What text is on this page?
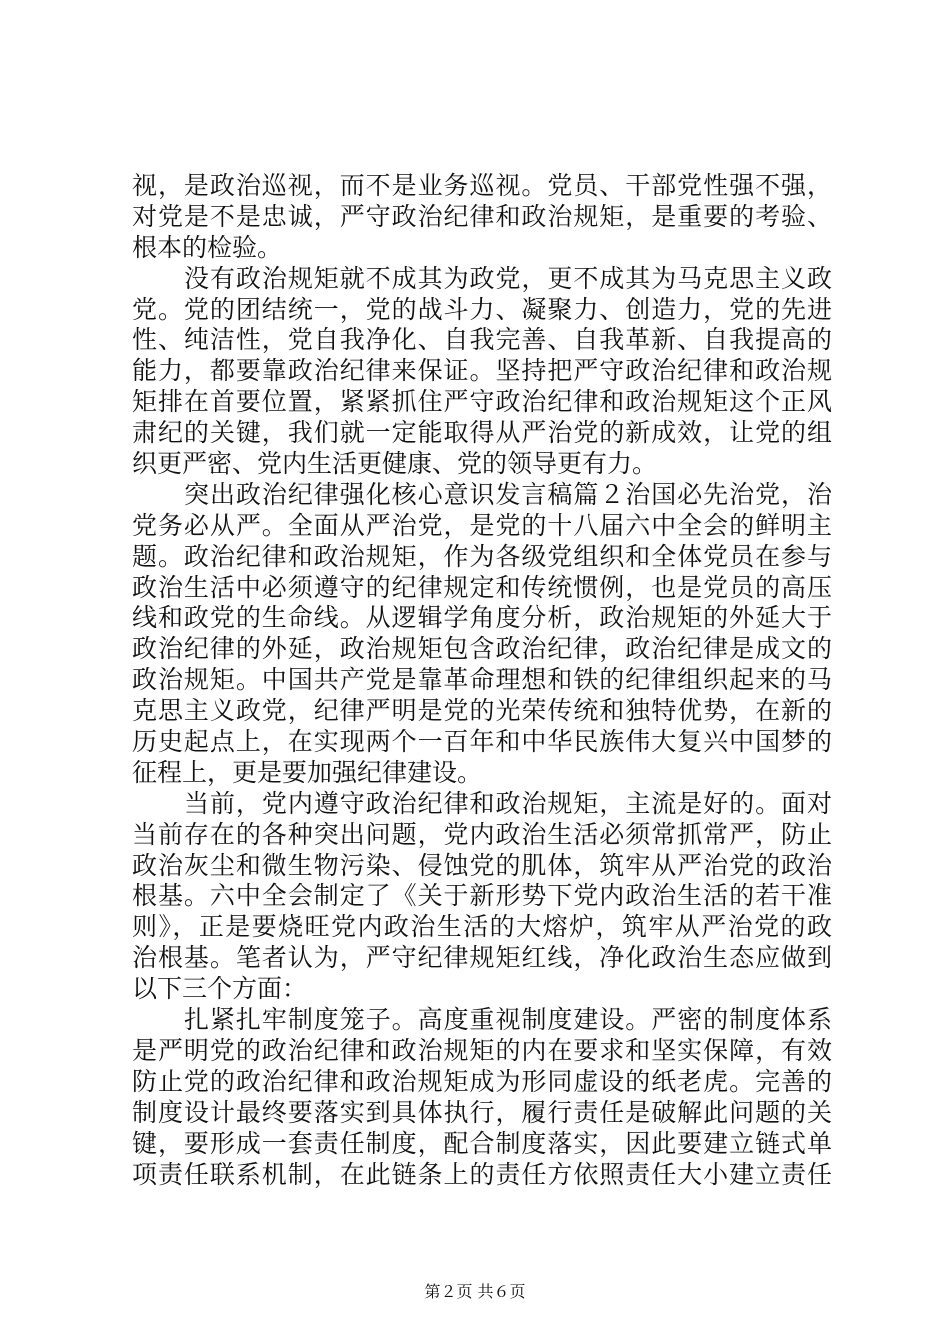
视，是政治巡视，而不是业务巡视。党员、干部党性强不强，
对党是不是忠诚，严守政治纪律和政治规矩，是重要的考验、
根本的检验。
没有政治规矩就不成其为政党，更不成其为马克思主义政
党。党的团结统一，党的战斗力、凝聚力、创造力，党的先进
性、纯洁性，党自我净化、自我完善、自我革新、自我提高的
能力，都要靠政治纪律来保证。坚持把严守政治纪律和政治规
矩排在首要位置，紧紧抓住严守政治纪律和政治规矩这个正风
肃纪的关键，我们就一定能取得从严治党的新成效，让党的组
织更严密、党内生活更健康、党的领导更有力。
突出政治纪律强化核心意识发言稿篇２治国必先治党，治
党务必从严。全面从严治党，是党的十八届六中全会的鲜明主
题。政治纪律和政治规矩，作为各级党组织和全体党员在参与
政治生活中必须遵守的纪律规定和传统惯例，也是党员的高压
线和政党的生命线。从逻辑学角度分析，政治规矩的外延大于
政治纪律的外延，政治规矩包含政治纪律，政治纪律是成文的
政治规矩。中国共产党是靠革命理想和铁的纪律组织起来的马
克思主义政党，纪律严明是党的光荣传统和独特优势，在新的
历史起点上，在实现两个一百年和中华民族伟大复兴中国梦的
征程上，更是要加强纪律建设。
当前，党内遵守政治纪律和政治规矩，主流是好的。面对
当前存在的各种突出问题，党内政治生活必须常抓常严，防止
政治灰尘和微生物污染、侵蚀党的肌体，筑牢从严治党的政治
根基。六中全会制定了《关于新形势下党内政治生活的若干准
则》，正是要烧旺党内政治生活的大熔炉，筑牢从严治党的政
治根基。笔者认为，严守纪律规矩红线，净化政治生态应做到
以下三个方面：
扎紧扎牢制度笼子。高度重视制度建设。严密的制度体系
是严明党的政治纪律和政治规矩的内在要求和坚实保障，有效
防止党的政治纪律和政治规矩成为形同虚设的纸老虎。完善的
制度设计最终要落实到具体执行，履行责任是破解此问题的关
键，要形成一套责任制度，配合制度落实，因此要建立链式单
项责任联系机制，在此链条上的责任方依照责任大小建立责任
第２页 共６页
